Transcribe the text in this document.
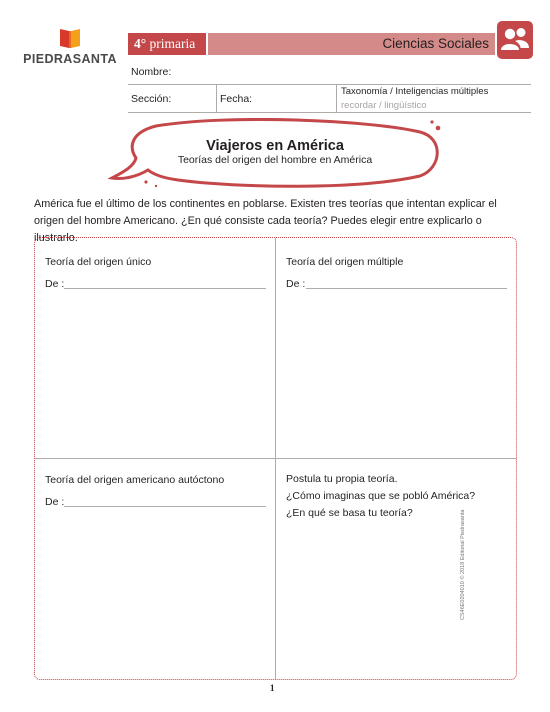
PIEDRASANTA
4° primaria	Ciencias Sociales
Nombre:
Sección:	Fecha:
Taxonomía / Inteligencias múltiples
recordar / lingüístico
Viajeros en América
Teorías del origen del hombre en América
América fue el último de los continentes en poblarse. Existen tres teorías que intentan explicar el
origen del hombre Americano. ¿En qué consiste cada teoría? Puedes elegir entre explicarlo o ilustrarlo.
Teoría del origen único
De :
Teoría del origen múltiple
De :
Teoría del origen americano autóctono
De :
Postula tu propia teoría.
¿Cómo imaginas que se pobló América?
¿En qué se basa tu teoría?
1
CS46E0204010 © 2018 Editorial Piedrasanta
